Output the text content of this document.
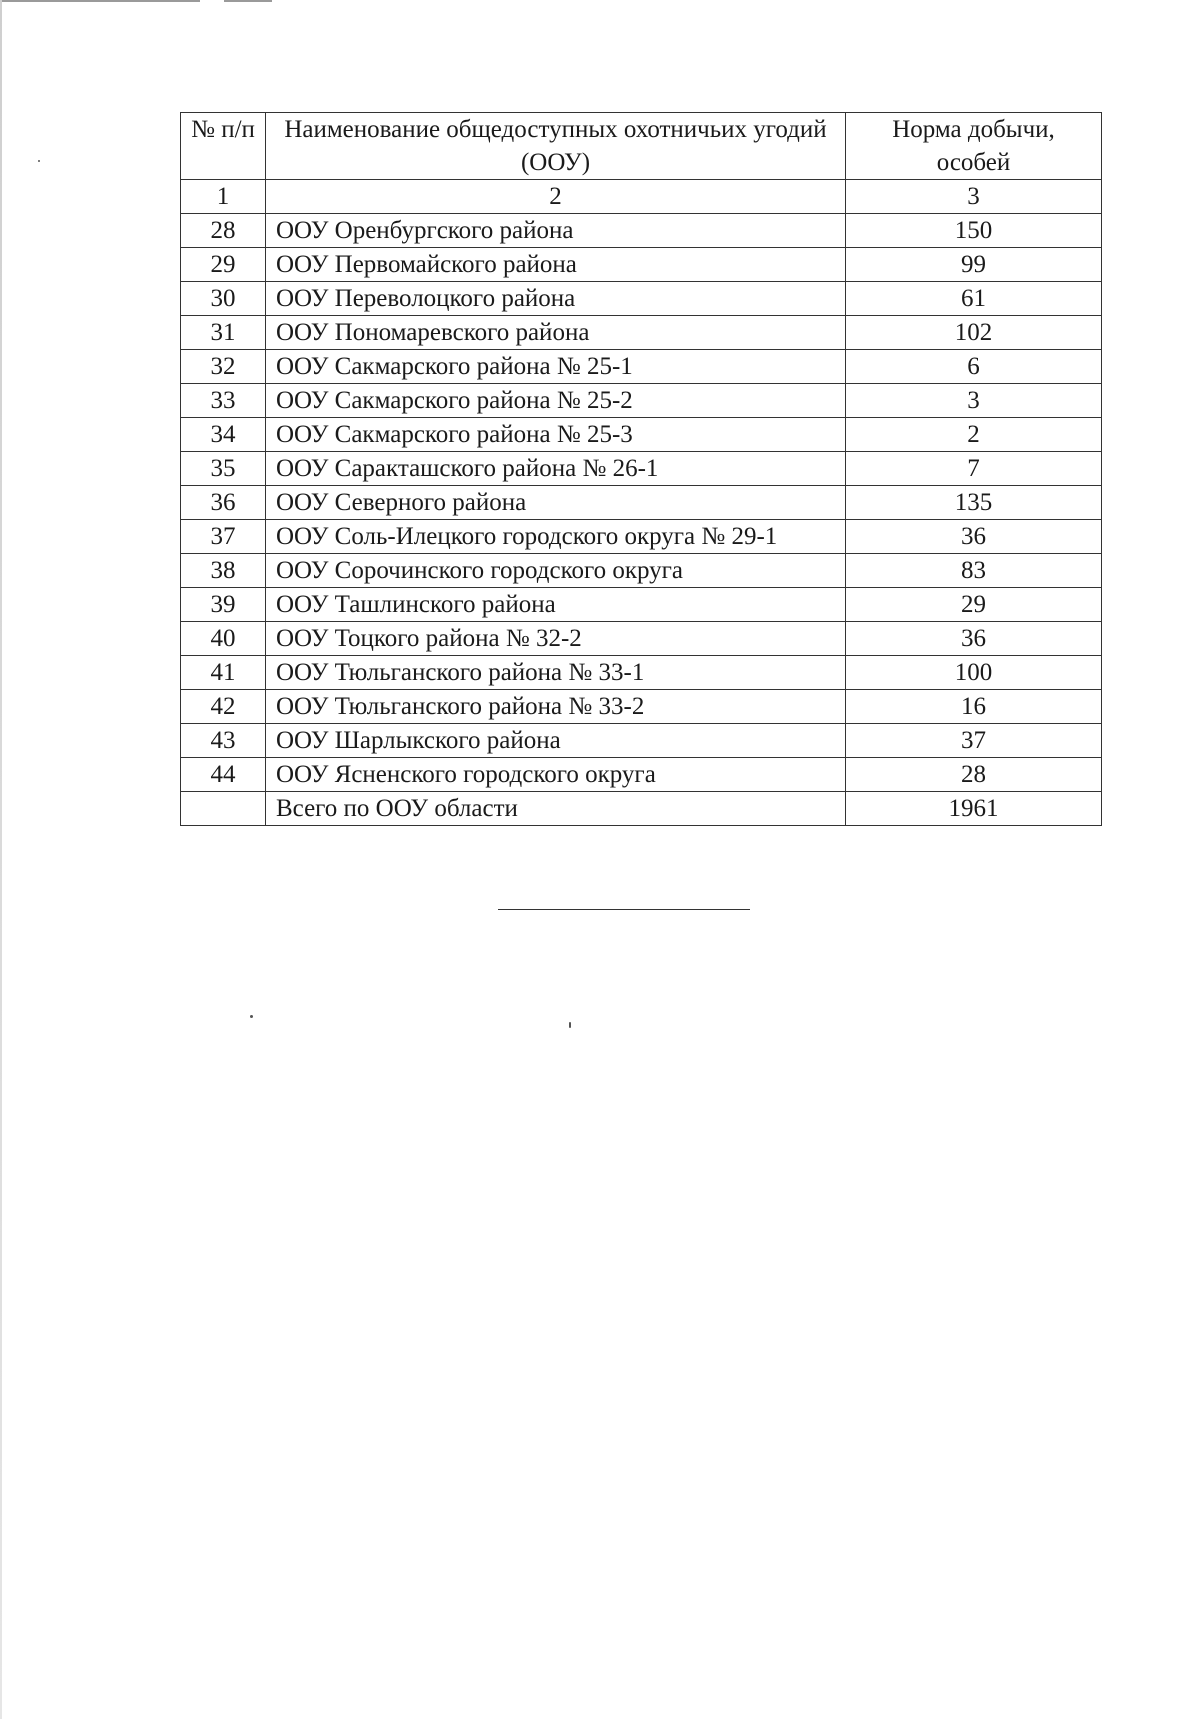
№ п/п	Наименование общедоступных охотничьих угодий (ООУ)	Норма добычи, особей
1	2	3
28	ООУ Оренбургского района	150
29	ООУ Первомайского района	99
30	ООУ Переволоцкого района	61
31	ООУ Пономаревского района	102
32	ООУ Сакмарского района № 25-1	6
33	ООУ Сакмарского района № 25-2	3
34	ООУ Сакмарского района № 25-3	2
35	ООУ Саракташского района № 26-1	7
36	ООУ Северного района	135
37	ООУ Соль-Илецкого городского округа № 29-1	36
38	ООУ Сорочинского городского округа	83
39	ООУ Ташлинского района	29
40	ООУ Тоцкого района № 32-2	36
41	ООУ Тюльганского района № 33-1	100
42	ООУ Тюльганского района № 33-2	16
43	ООУ Шарлыкского района	37
44	ООУ Ясненского городского округа	28
	Всего по ООУ области	1961
